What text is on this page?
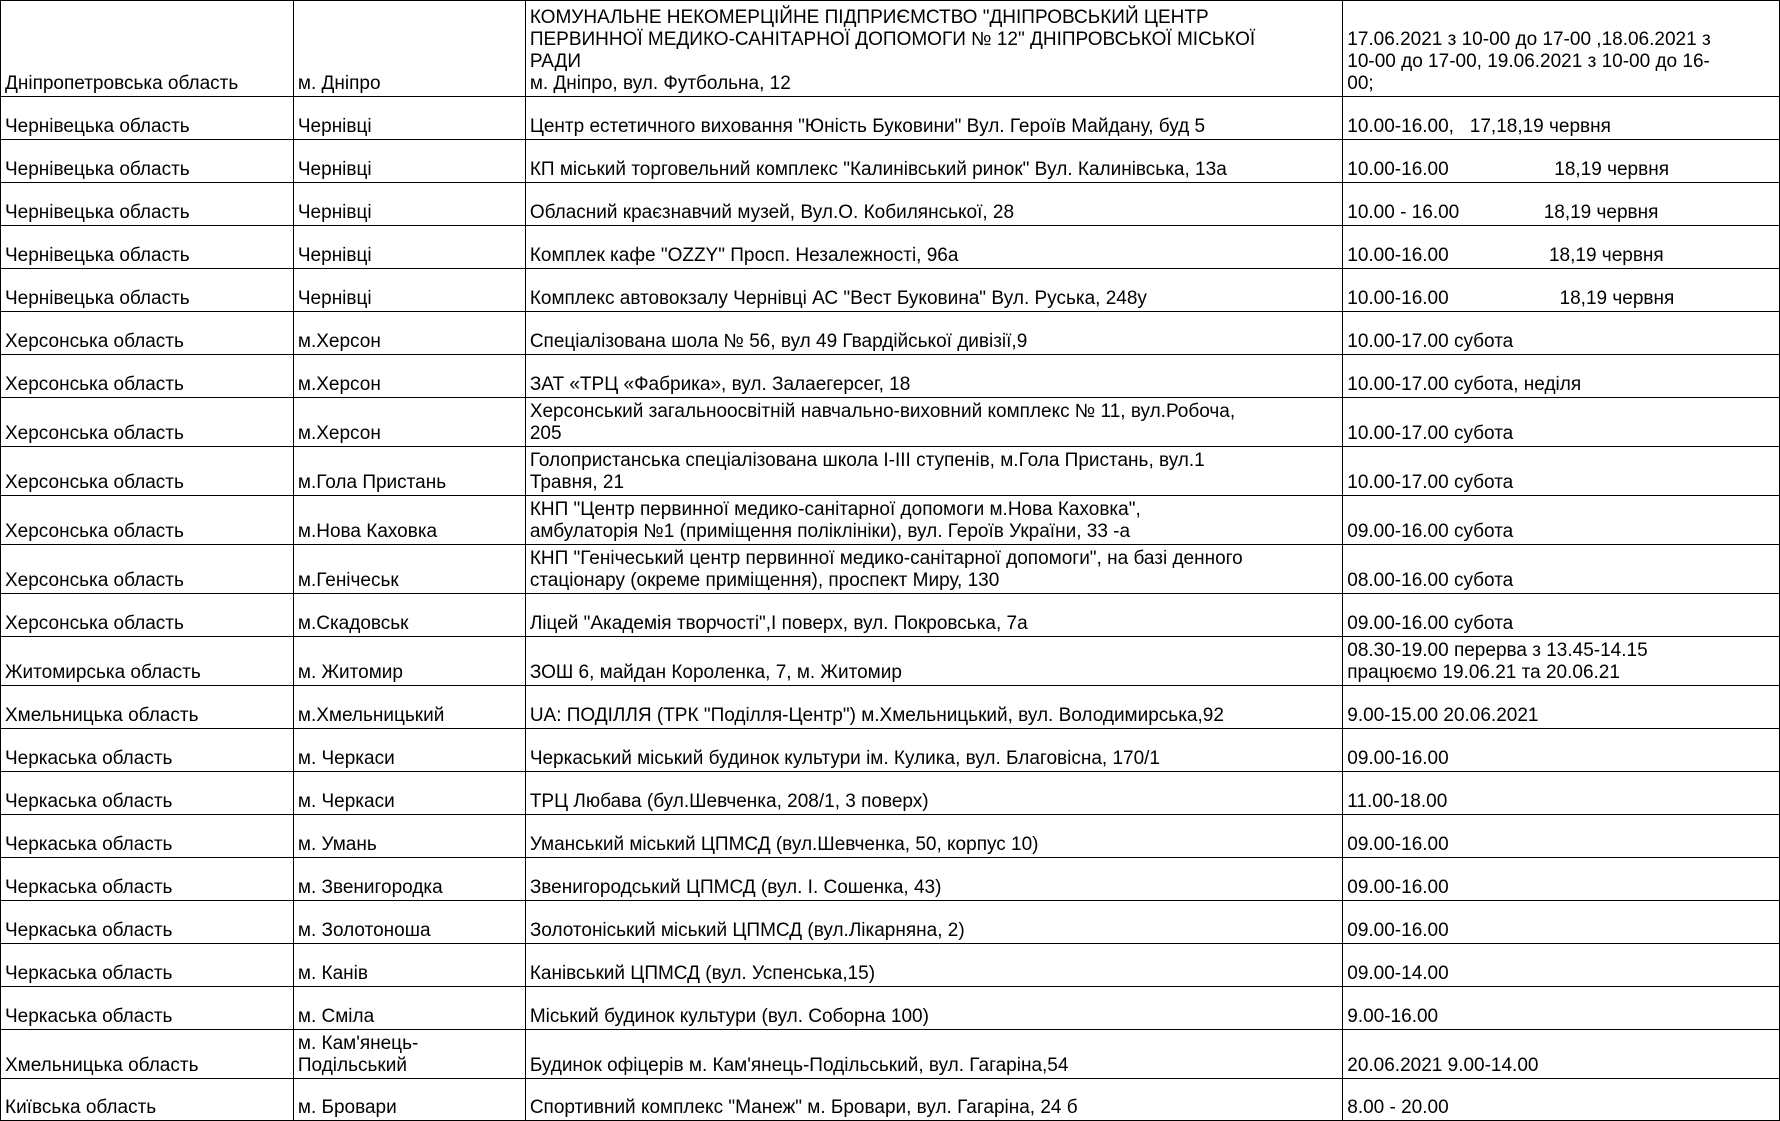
Дніпропетровська область	м. Дніпро	КОМУНАЛЬНЕ НЕКОМЕРЦІЙНЕ ПІДПРИЄМСТВО "ДНІПРОВСЬКИЙ ЦЕНТР
ПЕРВИННОЇ МЕДИКО-САНІТАРНОЇ ДОПОМОГИ № 12" ДНІПРОВСЬКОЇ МІСЬКОЇ
РАДИ
м. Дніпро, вул. Футбольна, 12	17.06.2021 з 10-00 до 17-00 ,18.06.2021 з
10-00 до 17-00, 19.06.2021 з 10-00 до 16-
00;
Чернівецька область	Чернівці	Центр естетичного виховання "Юність Буковини" Вул. Героїв Майдану, буд 5	10.00-16.00,   17,18,19 червня
Чернівецька область	Чернівці	КП міський торговельний комплекс "Калинівський ринок" Вул. Калинівська, 13а	10.00-16.00                    18,19 червня
Чернівецька область	Чернівці	Обласний краєзнавчий музей, Вул.О. Кобилянської, 28	10.00 - 16.00                18,19 червня
Чернівецька область	Чернівці	Комплек кафе "OZZY" Просп. Незалежності, 96а	10.00-16.00                   18,19 червня
Чернівецька область	Чернівці	Комплекс автовокзалу Чернівці АС "Вест Буковина" Вул. Руська, 248у	10.00-16.00                     18,19 червня
Херсонська область	м.Херсон	Спеціалізована шола № 56, вул 49 Гвардійської дивізії,9	10.00-17.00 субота
Херсонська область	м.Херсон	ЗАТ «ТРЦ «Фабрика», вул. Залаегерсег, 18	10.00-17.00 субота, неділя
Херсонська область	м.Херсон	Херсонський загальноосвітній навчально-виховний комплекс № 11, вул.Робоча,
205	10.00-17.00 субота
Херсонська область	м.Гола Пристань	Голопристанська спеціалізована школа І-ІІІ ступенів, м.Гола Пристань, вул.1
Травня, 21	10.00-17.00 субота
Херсонська область	м.Нова Каховка	КНП "Центр первинної медико-санітарної допомоги м.Нова Каховка",
амбулаторія №1 (приміщення поліклініки), вул. Героїв України, 33 -а	09.00-16.00 субота
Херсонська область	м.Генічеськ	КНП "Генічеський центр первинної медико-санітарної допомоги", на базі денного
стаціонару (окреме приміщення), проспект Миру, 130	08.00-16.00 субота
Херсонська область	м.Скадовськ	Ліцей "Академія творчості",І поверх, вул. Покровська, 7а	09.00-16.00 субота
Житомирська область	м. Житомир	ЗОШ 6, майдан Короленка, 7, м. Житомир	08.30-19.00 перерва з 13.45-14.15
працюємо 19.06.21 та 20.06.21
Хмельницька область	м.Хмельницький	UA: ПОДІЛЛЯ (ТРК "Поділля-Центр") м.Хмельницький, вул. Володимирська,92	9.00-15.00 20.06.2021
Черкаська область	м. Черкаси	Черкаський міський будинок культури ім. Кулика, вул. Благовісна, 170/1	09.00-16.00
Черкаська область	м. Черкаси	ТРЦ Любава (бул.Шевченка, 208/1, 3 поверх)	11.00-18.00
Черкаська область	м. Умань	Уманський міський ЦПМСД (вул.Шевченка, 50, корпус 10)	09.00-16.00
Черкаська область	м. Звенигородка	Звенигородський ЦПМСД (вул. І. Сошенка, 43)	09.00-16.00
Черкаська область	м. Золотоноша	Золотоніський міський ЦПМСД (вул.Лікарняна, 2)	09.00-16.00
Черкаська область	м. Канів	Канівський ЦПМСД (вул. Успенська,15)	09.00-14.00
Черкаська область	м. Сміла	Міський будинок культури (вул. Соборна 100)	9.00-16.00
Хмельницька область	м. Кам'янець-
Подільський	Будинок офіцерів м. Кам'янець-Подільський, вул. Гагаріна,54	20.06.2021 9.00-14.00
Київська область	м. Бровари	Спортивний комплекс "Манеж" м. Бровари, вул. Гагаріна, 24 б	8.00 - 20.00
